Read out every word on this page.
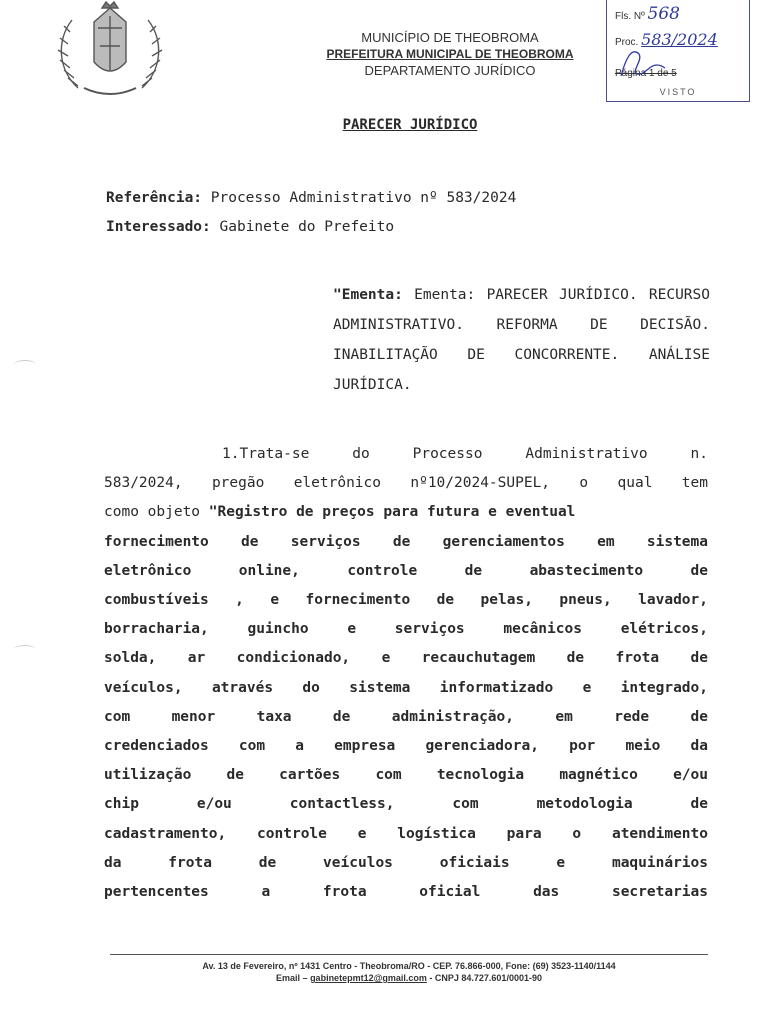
MUNICÍPIO DE THEOBROMA
PREFEITURA MUNICIPAL DE THEOBROMA
DEPARTAMENTO JURÍDICO
Fls. Nº 568
Proc. 583/2024
Página 1 de 5
VISTO
PARECER JURÍDICO
Referência: Processo Administrativo nº 583/2024
Interessado: Gabinete do Prefeito
"Ementa: Ementa: PARECER JURÍDICO. RECURSO ADMINISTRATIVO. REFORMA DE DECISÃO. INABILITAÇÃO DE CONCORRENTE. ANÁLISE JURÍDICA.
1.Trata-se do Processo Administrativo n.
583/2024, pregão eletrônico nº10/2024-SUPEL, o qual tem
como objeto "Registro de preços para futura e eventual
fornecimento de serviços de gerenciamentos em sistema
eletrônico online, controle de abastecimento de
combustíveis , e fornecimento de pelas, pneus, lavador,
borracharia, guincho e serviços mecânicos elétricos,
solda, ar condicionado, e recauchutagem de frota de
veículos, através do sistema informatizado e integrado,
com menor taxa de administração, em rede de
credenciados com a empresa gerenciadora, por meio da
utilização de cartões com tecnologia magnético e/ou
chip e/ou contactless, com metodologia de
cadastramento, controle e logística para o atendimento
da frota de veículos oficiais e maquinários
pertencentes a frota oficial das secretarias
Av. 13 de Fevereiro, nº 1431 Centro - Theobroma/RO - CEP. 76.866-000, Fone: (69) 3523-1140/1144
Email – gabinetepmt12@gmail.com - CNPJ 84.727.601/0001-90
